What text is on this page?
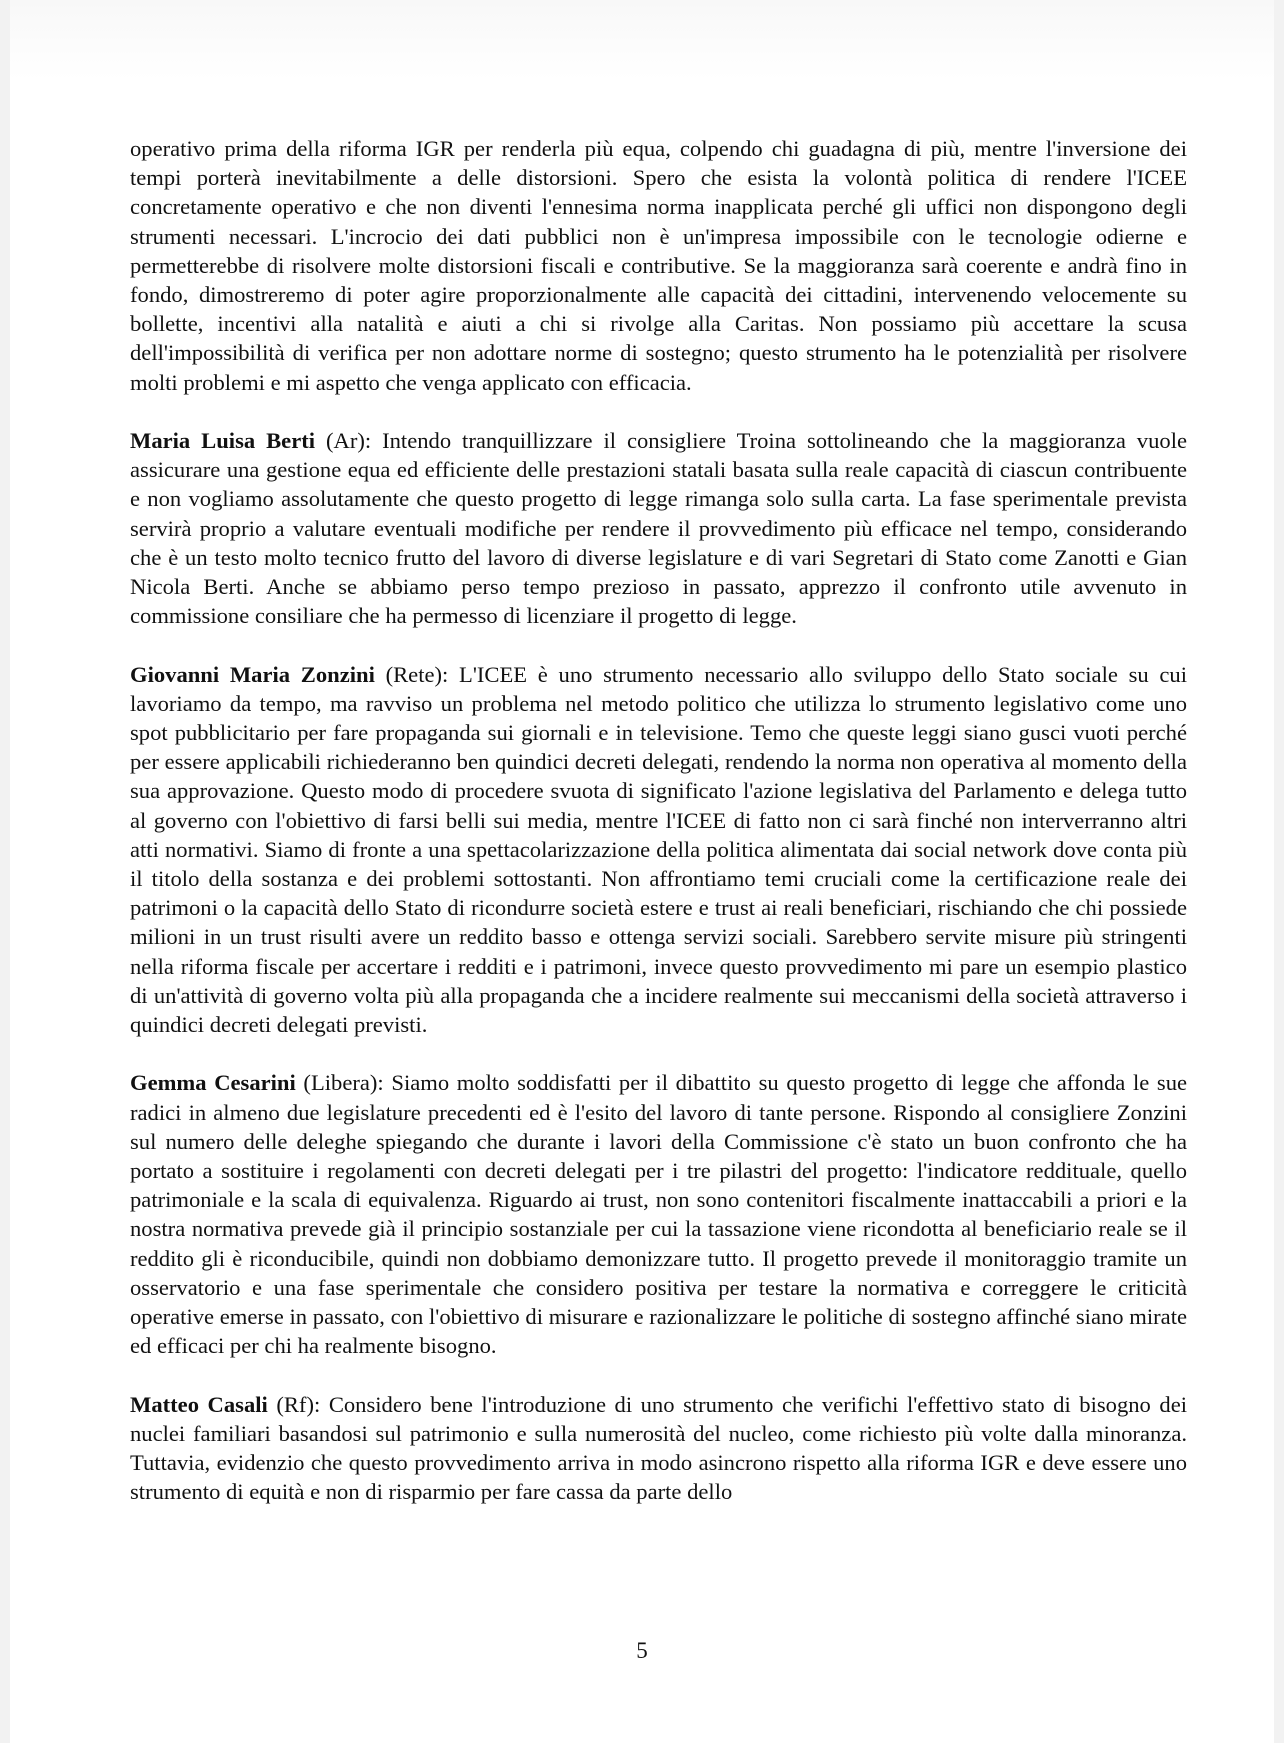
operativo prima della riforma IGR per renderla più equa, colpendo chi guadagna di più, mentre l'inversione dei tempi porterà inevitabilmente a delle distorsioni. Spero che esista la volontà politica di rendere l'ICEE concretamente operativo e che non diventi l'ennesima norma inapplicata perché gli uffici non dispongono degli strumenti necessari. L'incrocio dei dati pubblici non è un'impresa impossibile con le tecnologie odierne e permetterebbe di risolvere molte distorsioni fiscali e contributive. Se la maggioranza sarà coerente e andrà fino in fondo, dimostreremo di poter agire proporzionalmente alle capacità dei cittadini, intervenendo velocemente su bollette, incentivi alla natalità e aiuti a chi si rivolge alla Caritas. Non possiamo più accettare la scusa dell'impossibilità di verifica per non adottare norme di sostegno; questo strumento ha le potenzialità per risolvere molti problemi e mi aspetto che venga applicato con efficacia.

Maria Luisa Berti (Ar): Intendo tranquillizzare il consigliere Troina sottolineando che la maggioranza vuole assicurare una gestione equa ed efficiente delle prestazioni statali basata sulla reale capacità di ciascun contribuente e non vogliamo assolutamente che questo progetto di legge rimanga solo sulla carta. La fase sperimentale prevista servirà proprio a valutare eventuali modifiche per rendere il provvedimento più efficace nel tempo, considerando che è un testo molto tecnico frutto del lavoro di diverse legislature e di vari Segretari di Stato come Zanotti e Gian Nicola Berti. Anche se abbiamo perso tempo prezioso in passato, apprezzo il confronto utile avvenuto in commissione consiliare che ha permesso di licenziare il progetto di legge.

Giovanni Maria Zonzini (Rete): L'ICEE è uno strumento necessario allo sviluppo dello Stato sociale su cui lavoriamo da tempo, ma ravviso un problema nel metodo politico che utilizza lo strumento legislativo come uno spot pubblicitario per fare propaganda sui giornali e in televisione. Temo che queste leggi siano gusci vuoti perché per essere applicabili richiederanno ben quindici decreti delegati, rendendo la norma non operativa al momento della sua approvazione. Questo modo di procedere svuota di significato l'azione legislativa del Parlamento e delega tutto al governo con l'obiettivo di farsi belli sui media, mentre l'ICEE di fatto non ci sarà finché non interverranno altri atti normativi. Siamo di fronte a una spettacolarizzazione della politica alimentata dai social network dove conta più il titolo della sostanza e dei problemi sottostanti. Non affrontiamo temi cruciali come la certificazione reale dei patrimoni o la capacità dello Stato di ricondurre società estere e trust ai reali beneficiari, rischiando che chi possiede milioni in un trust risulti avere un reddito basso e ottenga servizi sociali. Sarebbero servite misure più stringenti nella riforma fiscale per accertare i redditi e i patrimoni, invece questo provvedimento mi pare un esempio plastico di un'attività di governo volta più alla propaganda che a incidere realmente sui meccanismi della società attraverso i quindici decreti delegati previsti.

Gemma Cesarini (Libera): Siamo molto soddisfatti per il dibattito su questo progetto di legge che affonda le sue radici in almeno due legislature precedenti ed è l'esito del lavoro di tante persone. Rispondo al consigliere Zonzini sul numero delle deleghe spiegando che durante i lavori della Commissione c'è stato un buon confronto che ha portato a sostituire i regolamenti con decreti delegati per i tre pilastri del progetto: l'indicatore reddituale, quello patrimoniale e la scala di equivalenza. Riguardo ai trust, non sono contenitori fiscalmente inattaccabili a priori e la nostra normativa prevede già il principio sostanziale per cui la tassazione viene ricondotta al beneficiario reale se il reddito gli è riconducibile, quindi non dobbiamo demonizzare tutto. Il progetto prevede il monitoraggio tramite un osservatorio e una fase sperimentale che considero positiva per testare la normativa e correggere le criticità operative emerse in passato, con l'obiettivo di misurare e razionalizzare le politiche di sostegno affinché siano mirate ed efficaci per chi ha realmente bisogno.

Matteo Casali (Rf): Considero bene l'introduzione di uno strumento che verifichi l'effettivo stato di bisogno dei nuclei familiari basandosi sul patrimonio e sulla numerosità del nucleo, come richiesto più volte dalla minoranza. Tuttavia, evidenzio che questo provvedimento arriva in modo asincrono rispetto alla riforma IGR e deve essere uno strumento di equità e non di risparmio per fare cassa da parte dello

5
